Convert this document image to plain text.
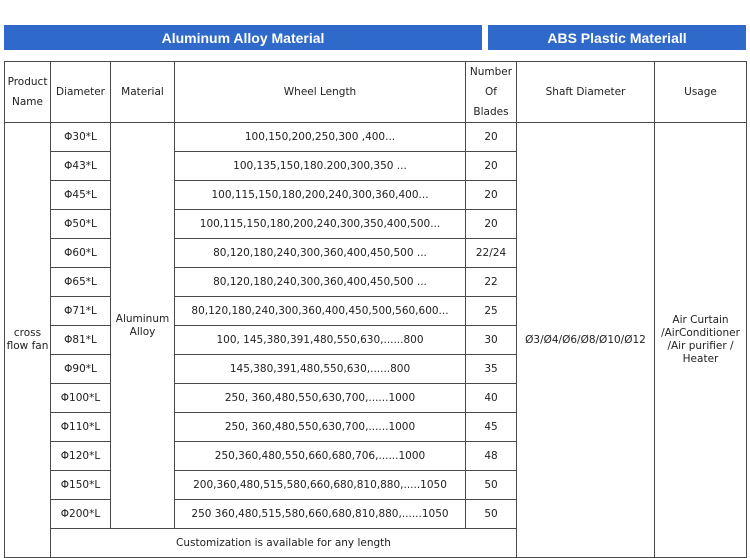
Aluminum Alloy Material	ABS Plastic Materiall
Product Name	Diameter	Material	Wheel Length	Number Of Blades	Shaft Diameter	Usage
cross flow fan	Φ30*L	Aluminum Alloy	100,150,200,250,300 ,400...	20	Ø3/Ø4/Ø6/Ø8/Ø10/Ø12	Air Curtain /AirConditioner /Air purifier / Heater
	Φ43*L		100,135,150,180.200,300,350 ...	20		
	Φ45*L		100,115,150,180,200,240,300,360,400...	20		
	Φ50*L		100,115,150,180,200,240,300,350,400,500...	20		
	Φ60*L		80,120,180,240,300,360,400,450,500 ...	22/24		
	Φ65*L		80,120,180,240,300,360,400,450,500 ...	22		
	Φ71*L		80,120,180,240,300,360,400,450,500,560,600...	25		
	Φ81*L		100, 145,380,391,480,550,630,......800	30		
	Φ90*L		145,380,391,480,550,630,......800	35		
	Φ100*L		250, 360,480,550,630,700,......1000	40		
	Φ110*L		250, 360,480,550,630,700,......1000	45		
	Φ120*L		250,360,480,550,660,680,706,......1000	48		
	Φ150*L		200,360,480,515,580,660,680,810,880,.....1050	50		
	Φ200*L		250 360,480,515,580,660,680,810,880,......1050	50		
	Customization is available for any length					
